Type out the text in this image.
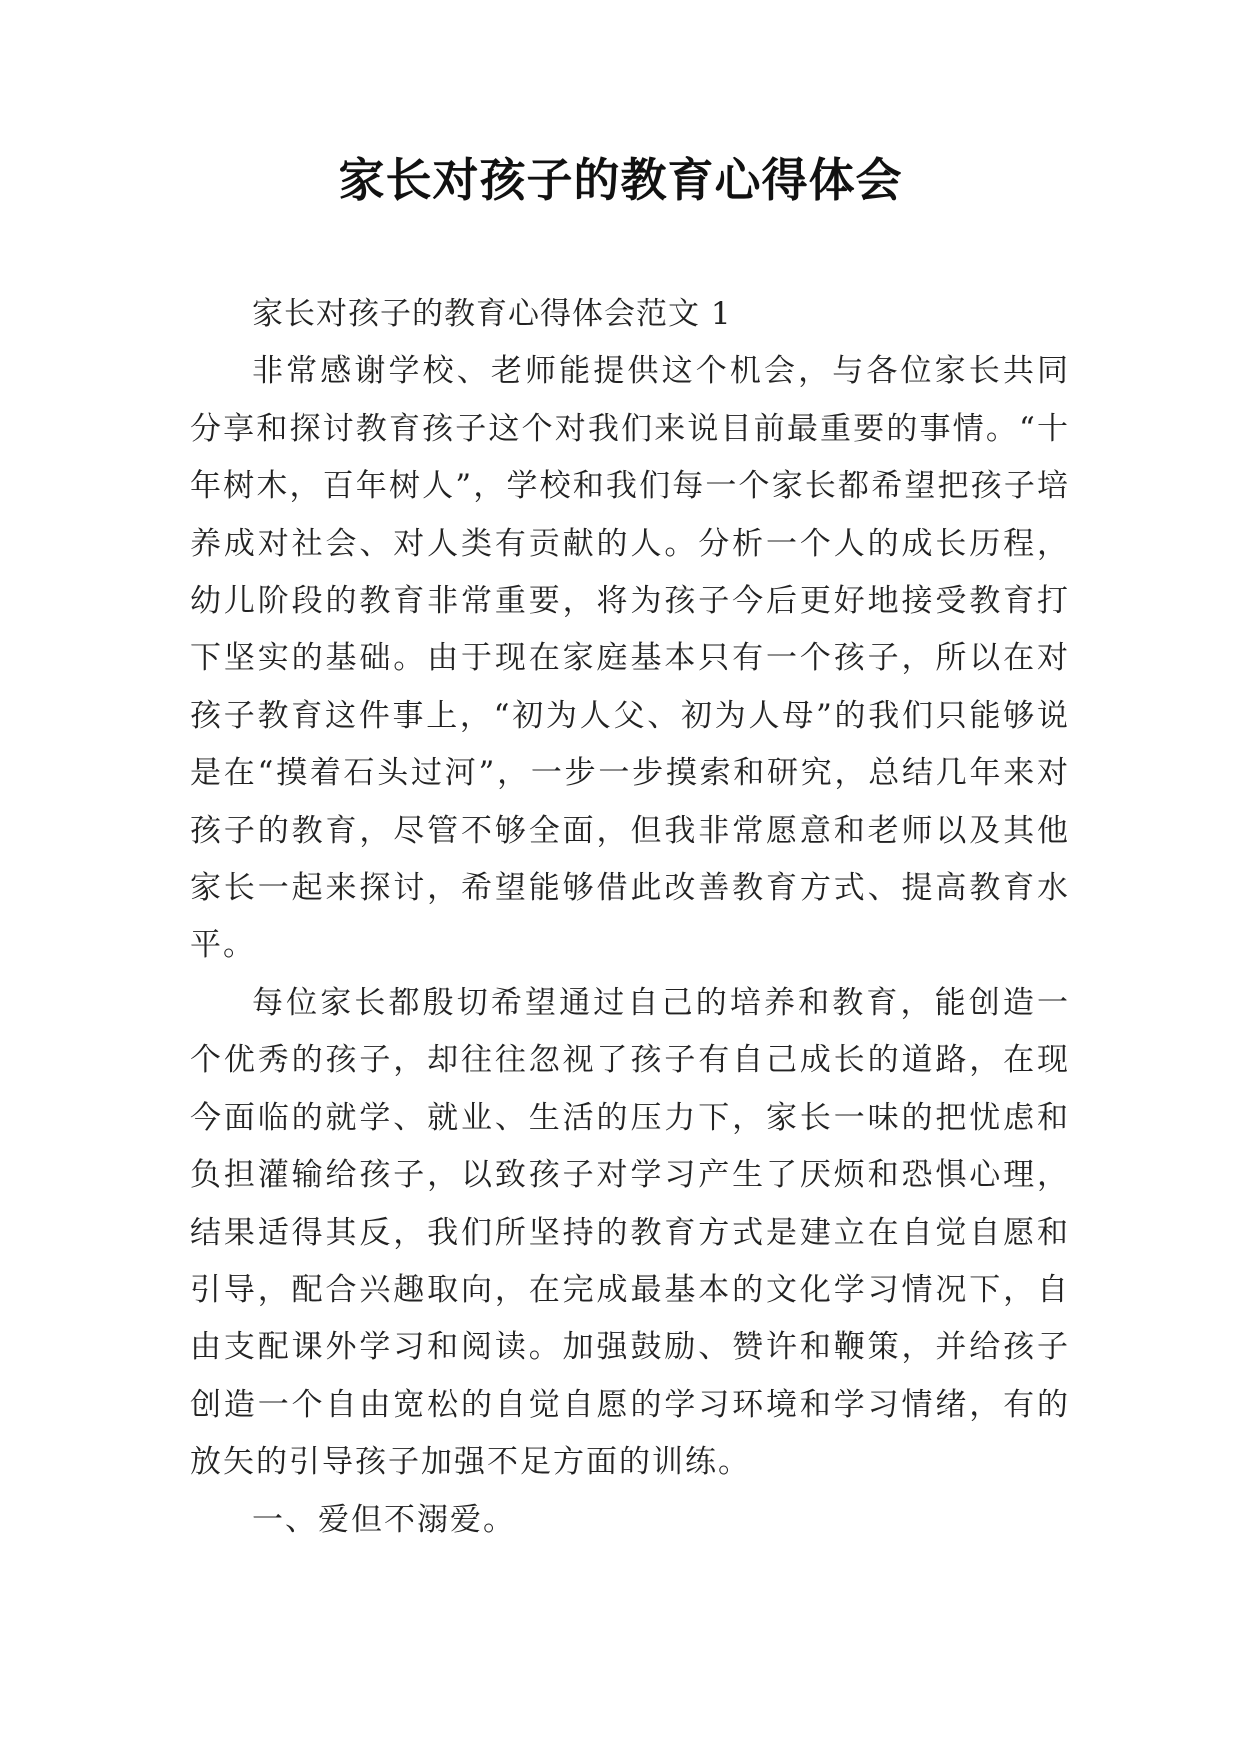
家长对孩子的教育心得体会

家长对孩子的教育心得体会范文 1

非常感谢学校、老师能提供这个机会，与各位家长共同分享和探讨教育孩子这个对我们来说目前最重要的事情。“十年树木，百年树人”，学校和我们每一个家长都希望把孩子培养成对社会、对人类有贡献的人。分析一个人的成长历程，幼儿阶段的教育非常重要，将为孩子今后更好地接受教育打下坚实的基础。由于现在家庭基本只有一个孩子，所以在对孩子教育这件事上，“初为人父、初为人母”的我们只能够说是在“摸着石头过河”，一步一步摸索和研究，总结几年来对孩子的教育，尽管不够全面，但我非常愿意和老师以及其他家长一起来探讨，希望能够借此改善教育方式、提高教育水平。

每位家长都殷切希望通过自己的培养和教育，能创造一个优秀的孩子，却往往忽视了孩子有自己成长的道路，在现今面临的就学、就业、生活的压力下，家长一味的把忧虑和负担灌输给孩子，以致孩子对学习产生了厌烦和恐惧心理，结果适得其反，我们所坚持的教育方式是建立在自觉自愿和引导，配合兴趣取向，在完成最基本的文化学习情况下，自由支配课外学习和阅读。加强鼓励、赞许和鞭策，并给孩子创造一个自由宽松的自觉自愿的学习环境和学习情绪，有的放矢的引导孩子加强不足方面的训练。

一、爱但不溺爱。
